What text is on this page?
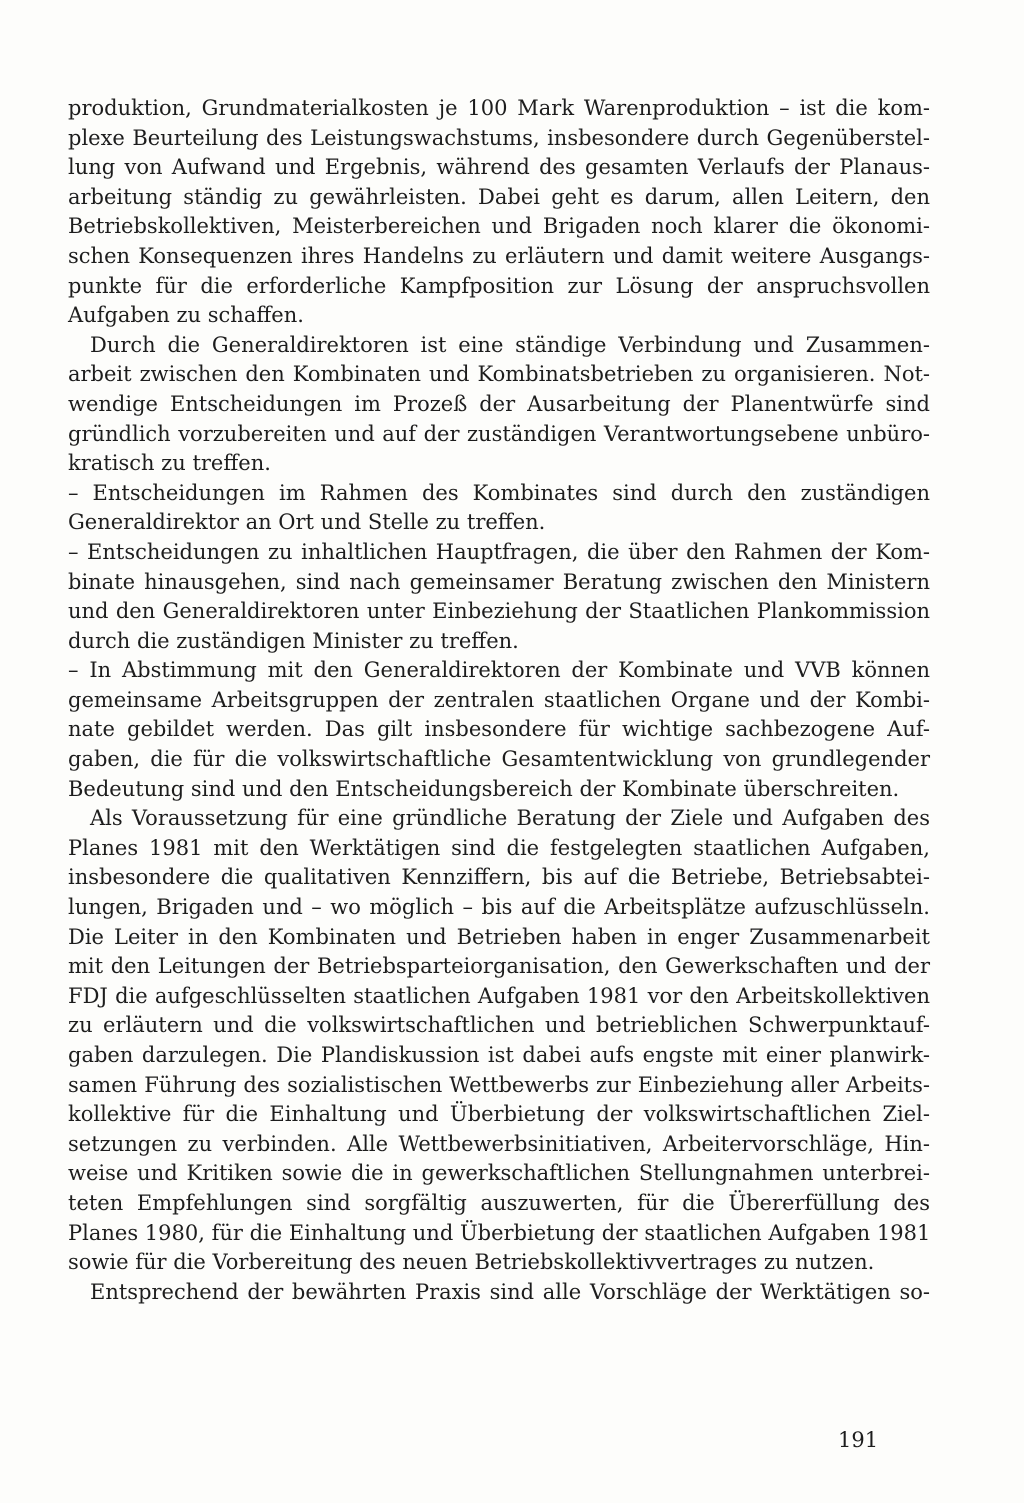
produktion, Grundmaterialkosten je 100 Mark Warenproduktion – ist die kom-
plexe Beurteilung des Leistungswachstums, insbesondere durch Gegenüberstel-
lung von Aufwand und Ergebnis, während des gesamten Verlaufs der Planaus-
arbeitung ständig zu gewährleisten. Dabei geht es darum, allen Leitern, den
Betriebskollektiven, Meisterbereichen und Brigaden noch klarer die ökonomi-
schen Konsequenzen ihres Handelns zu erläutern und damit weitere Ausgangs-
punkte für die erforderliche Kampfposition zur Lösung der anspruchsvollen
Aufgaben zu schaffen.
Durch die Generaldirektoren ist eine ständige Verbindung und Zusammen-
arbeit zwischen den Kombinaten und Kombinatsbetrieben zu organisieren. Not-
wendige Entscheidungen im Prozeß der Ausarbeitung der Planentwürfe sind
gründlich vorzubereiten und auf der zuständigen Verantwortungsebene unbüro-
kratisch zu treffen.
– Entscheidungen im Rahmen des Kombinates sind durch den zuständigen
Generaldirektor an Ort und Stelle zu treffen.
– Entscheidungen zu inhaltlichen Hauptfragen, die über den Rahmen der Kom-
binate hinausgehen, sind nach gemeinsamer Beratung zwischen den Ministern
und den Generaldirektoren unter Einbeziehung der Staatlichen Plankommission
durch die zuständigen Minister zu treffen.
– In Abstimmung mit den Generaldirektoren der Kombinate und VVB können
gemeinsame Arbeitsgruppen der zentralen staatlichen Organe und der Kombi-
nate gebildet werden. Das gilt insbesondere für wichtige sachbezogene Auf-
gaben, die für die volkswirtschaftliche Gesamtentwicklung von grundlegender
Bedeutung sind und den Entscheidungsbereich der Kombinate überschreiten.
Als Voraussetzung für eine gründliche Beratung der Ziele und Aufgaben des
Planes 1981 mit den Werktätigen sind die festgelegten staatlichen Aufgaben,
insbesondere die qualitativen Kennziffern, bis auf die Betriebe, Betriebsabtei-
lungen, Brigaden und – wo möglich – bis auf die Arbeitsplätze aufzuschlüsseln.
Die Leiter in den Kombinaten und Betrieben haben in enger Zusammenarbeit
mit den Leitungen der Betriebsparteiorganisation, den Gewerkschaften und der
FDJ die aufgeschlüsselten staatlichen Aufgaben 1981 vor den Arbeitskollektiven
zu erläutern und die volkswirtschaftlichen und betrieblichen Schwerpunktauf-
gaben darzulegen. Die Plandiskussion ist dabei aufs engste mit einer planwirk-
samen Führung des sozialistischen Wettbewerbs zur Einbeziehung aller Arbeits-
kollektive für die Einhaltung und Überbietung der volkswirtschaftlichen Ziel-
setzungen zu verbinden. Alle Wettbewerbsinitiativen, Arbeitervorschläge, Hin-
weise und Kritiken sowie die in gewerkschaftlichen Stellungnahmen unterbrei-
teten Empfehlungen sind sorgfältig auszuwerten, für die Übererfüllung des
Planes 1980, für die Einhaltung und Überbietung der staatlichen Aufgaben 1981
sowie für die Vorbereitung des neuen Betriebskollektivvertrages zu nutzen.
Entsprechend der bewährten Praxis sind alle Vorschläge der Werktätigen so-
191
